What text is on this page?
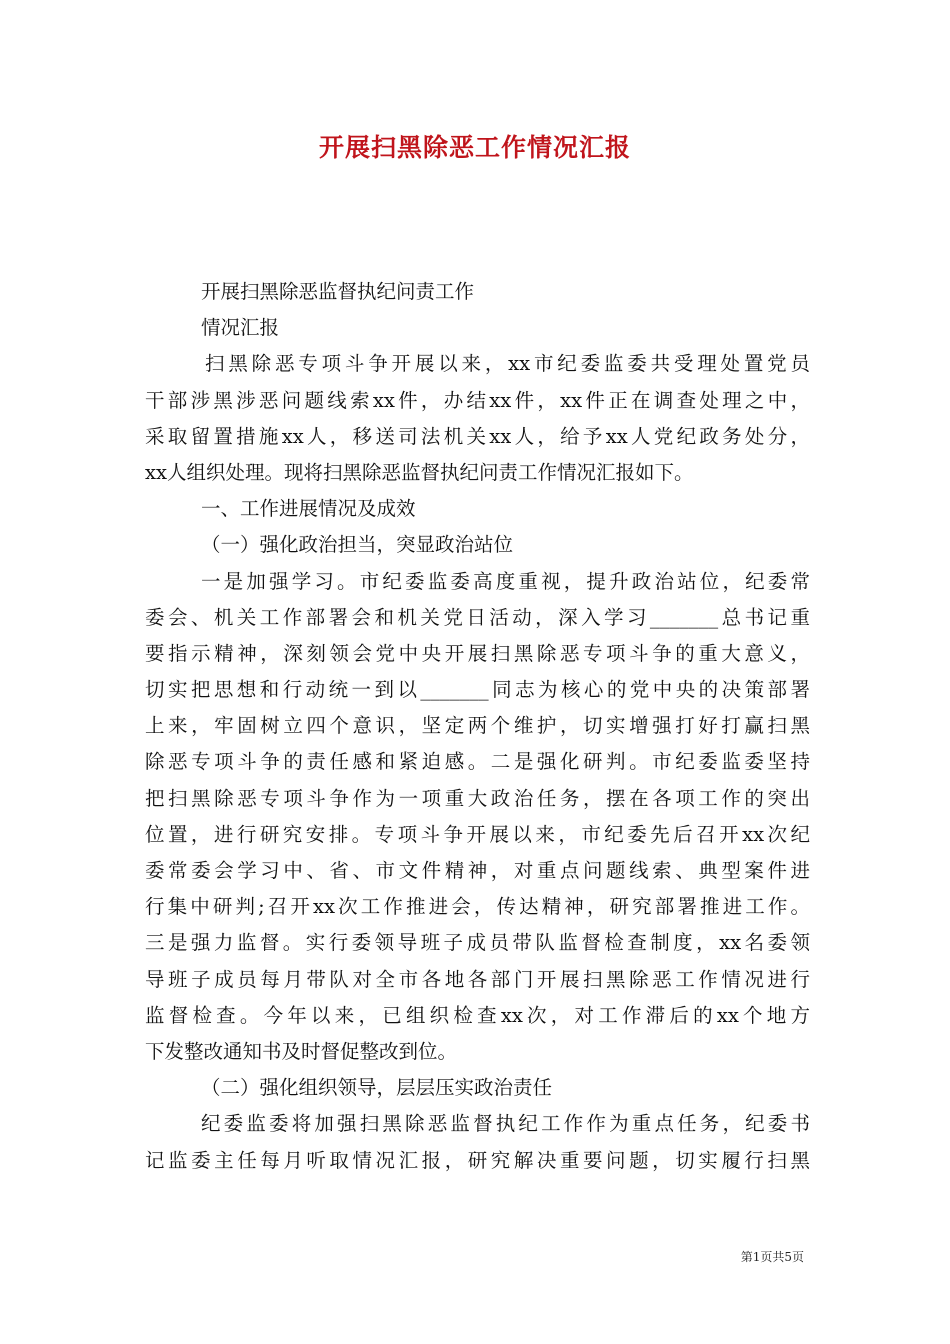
开展扫黑除恶工作情况汇报
开展扫黑除恶监督执纪问责工作
情况汇报
扫黑除恶专项斗争开展以来，xx市纪委监委共受理处置党员
干部涉黑涉恶问题线索xx件，办结xx件，xx件正在调查处理之中，
采取留置措施xx人，移送司法机关xx人，给予xx人党纪政务处分，
xx人组织处理。现将扫黑除恶监督执纪问责工作情况汇报如下。
一、工作进展情况及成效
（一）强化政治担当，突显政治站位
一是加强学习。市纪委监委高度重视，提升政治站位，纪委常
委会、机关工作部署会和机关党日活动，深入学习_______总书记重
要指示精神，深刻领会党中央开展扫黑除恶专项斗争的重大意义，
切实把思想和行动统一到以_______同志为核心的党中央的决策部署
上来，牢固树立四个意识，坚定两个维护，切实增强打好打赢扫黑
除恶专项斗争的责任感和紧迫感。二是强化研判。市纪委监委坚持
把扫黑除恶专项斗争作为一项重大政治任务，摆在各项工作的突出
位置，进行研究安排。专项斗争开展以来，市纪委先后召开xx次纪
委常委会学习中、省、市文件精神，对重点问题线索、典型案件进
行集中研判;召开xx次工作推进会，传达精神，研究部署推进工作。
三是强力监督。实行委领导班子成员带队监督检查制度，xx名委领
导班子成员每月带队对全市各地各部门开展扫黑除恶工作情况进行
监督检查。今年以来，已组织检查xx次，对工作滞后的xx个地方
下发整改通知书及时督促整改到位。
（二）强化组织领导，层层压实政治责任
纪委监委将加强扫黑除恶监督执纪工作作为重点任务，纪委书
记监委主任每月听取情况汇报，研究解决重要问题，切实履行扫黑
第1页共5页
